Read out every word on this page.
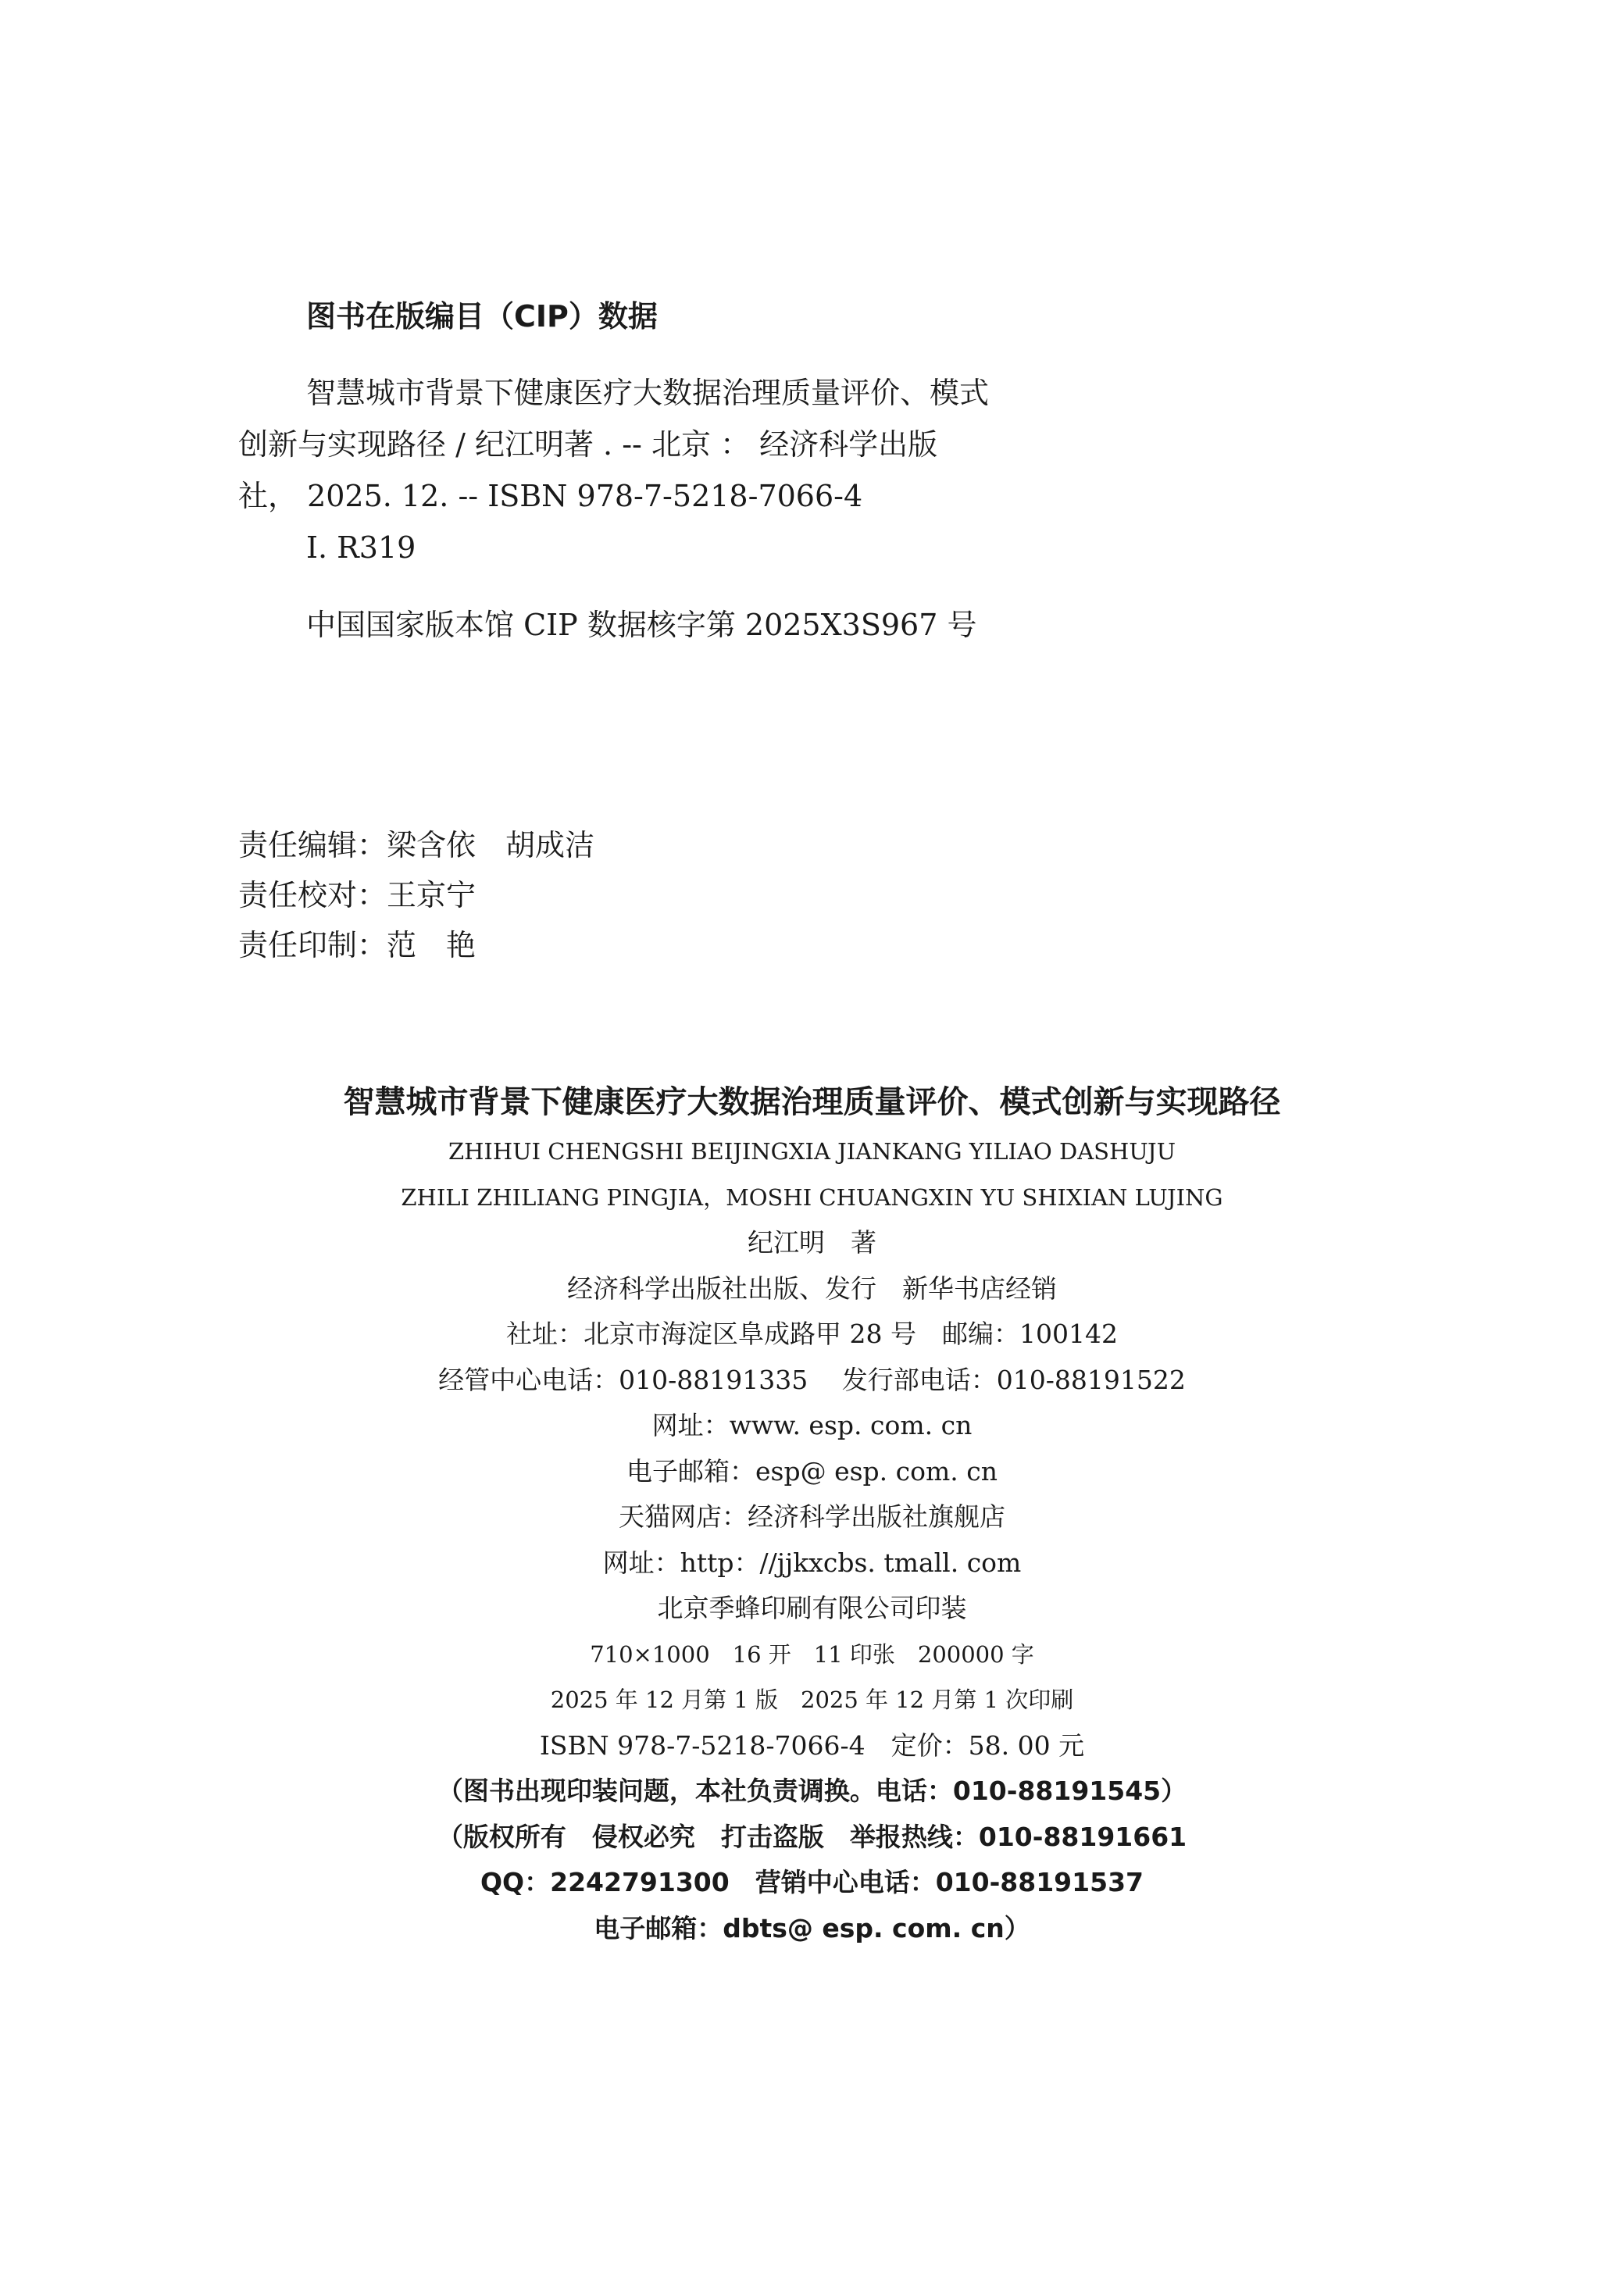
图书在版编目（CIP）数据
智慧城市背景下健康医疗大数据治理质量评价、模式
创新与实现路径 / 纪江明著 . -- 北京 ： 经济科学出版
社， 2025. 12. -- ISBN 978-7-5218-7066-4
Ⅰ. R319
中国国家版本馆 CIP 数据核字第 2025X3S967 号
责任编辑：梁含依　胡成洁
责任校对：王京宁
责任印制：范　艳
智慧城市背景下健康医疗大数据治理质量评价、模式创新与实现路径
ZHIHUI CHENGSHI BEIJINGXIA JIANKANG YILIAO DASHUJU
ZHILI ZHILIANG PINGJIA，MOSHI CHUANGXIN YU SHIXIAN LUJING
纪江明　著
经济科学出版社出版、发行　新华书店经销
社址：北京市海淀区阜成路甲 28 号　邮编：100142
经管中心电话：010-88191335　 发行部电话：010-88191522
网址：www. esp. com. cn
电子邮箱：esp@ esp. com. cn
天猫网店：经济科学出版社旗舰店
网址：http：//jjkxcbs. tmall. com
北京季蜂印刷有限公司印装
710×1000　16 开　11 印张　200000 字
2025 年 12 月第 1 版　2025 年 12 月第 1 次印刷
ISBN 978-7-5218-7066-4　定价：58. 00 元
（图书出现印装问题，本社负责调换。电话：010-88191545）
（版权所有　侵权必究　打击盗版　举报热线：010-88191661
QQ：2242791300　营销中心电话：010-88191537
电子邮箱：dbts@ esp. com. cn）
